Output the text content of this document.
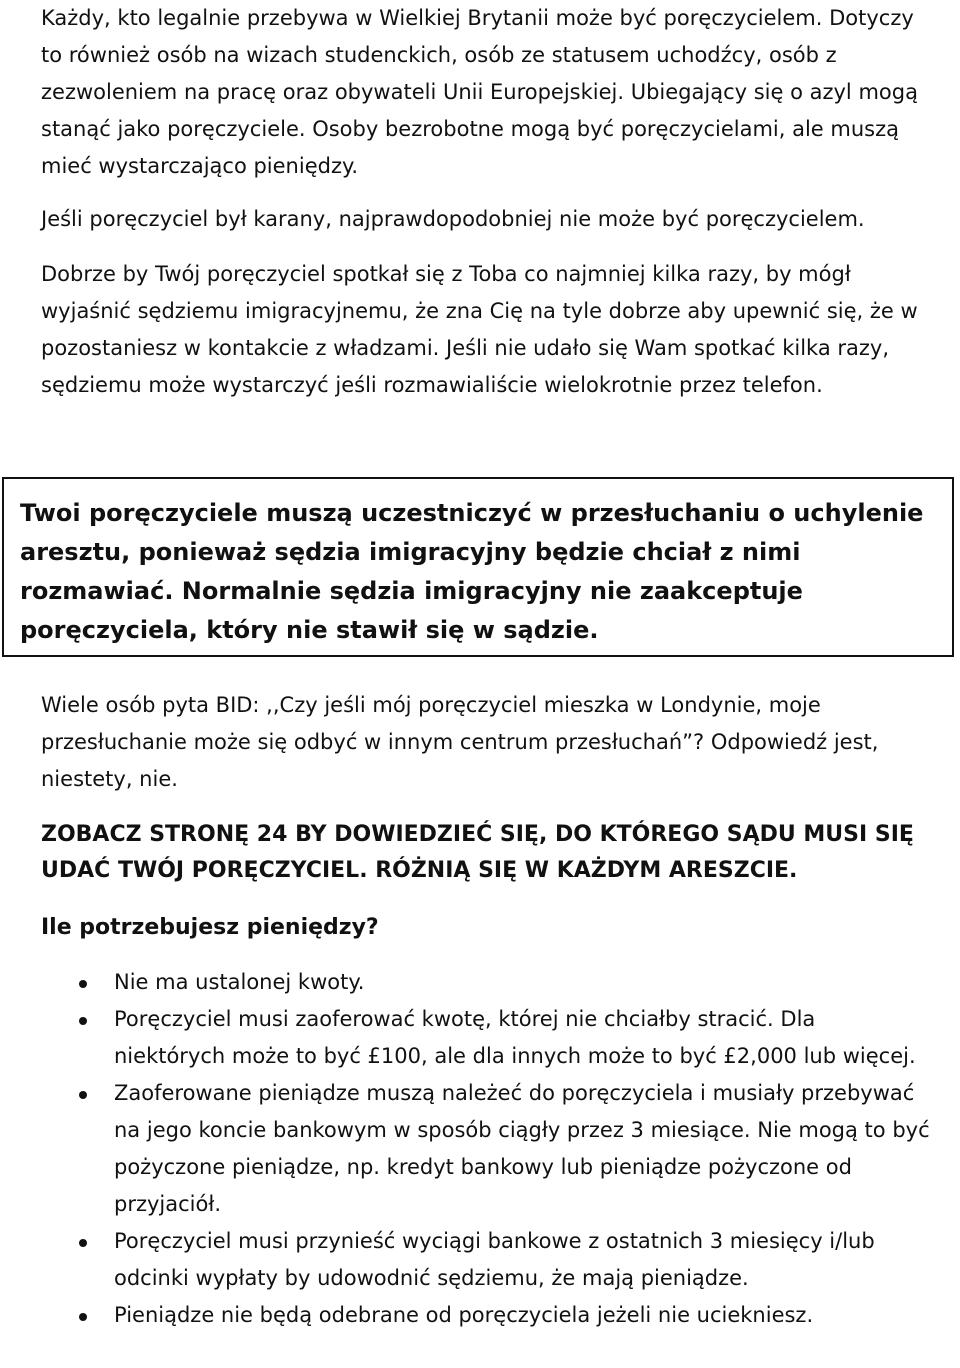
Każdy, kto legalnie przebywa w Wielkiej Brytanii może być poręczycielem. Dotyczy to również osób na wizach studenckich, osób ze statusem uchodźcy, osób z zezwoleniem na pracę oraz obywateli Unii Europejskiej. Ubiegający się o azyl mogą stanąć jako poręczyciele. Osoby bezrobotne mogą być poręczycielami, ale muszą mieć wystarczająco pieniędzy.

Jeśli poręczyciel był karany, najprawdopodobniej nie może być poręczycielem.

Dobrze by Twój poręczyciel spotkał się z Toba co najmniej kilka razy, by mógł wyjaśnić sędziemu imigracyjnemu, że zna Cię na tyle dobrze aby upewnić się, że w pozostaniesz w kontakcie z władzami. Jeśli nie udało się Wam spotkać kilka razy, sędziemu może wystarczyć jeśli rozmawialiście wielokrotnie przez telefon.

Twoi poręczyciele muszą uczestniczyć w przesłuchaniu o uchylenie aresztu, ponieważ sędzia imigracyjny będzie chciał z nimi rozmawiać. Normalnie sędzia imigracyjny nie zaakceptuje poręczyciela, który nie stawił się w sądzie.

Wiele osób pyta BID: ,,Czy jeśli mój poręczyciel mieszka w Londynie, moje przesłuchanie może się odbyć w innym centrum przesłuchań”? Odpowiedź jest, niestety, nie.

ZOBACZ STRONĘ 24 BY DOWIEDZIEĆ SIĘ, DO KTÓREGO SĄDU MUSI SIĘ UDAĆ TWÓJ PORĘCZYCIEL. RÓŻNIĄ SIĘ W KAŻDYM ARESZCIE.

Ile potrzebujesz pieniędzy?

Nie ma ustalonej kwoty.
Poręczyciel musi zaoferować kwotę, której nie chciałby stracić. Dla niektórych może to być £100, ale dla innych może to być £2,000 lub więcej.
Zaoferowane pieniądze muszą należeć do poręczyciela i musiały przebywać na jego koncie bankowym w sposób ciągły przez 3 miesiące. Nie mogą to być pożyczone pieniądze, np. kredyt bankowy lub pieniądze pożyczone od przyjaciół.
Poręczyciel musi przynieść wyciągi bankowe z ostatnich 3 miesięcy i/lub odcinki wypłaty by udowodnić sędziemu, że mają pieniądze.
Pieniądze nie będą odebrane od poręczyciela jeżeli nie uciekniesz.
